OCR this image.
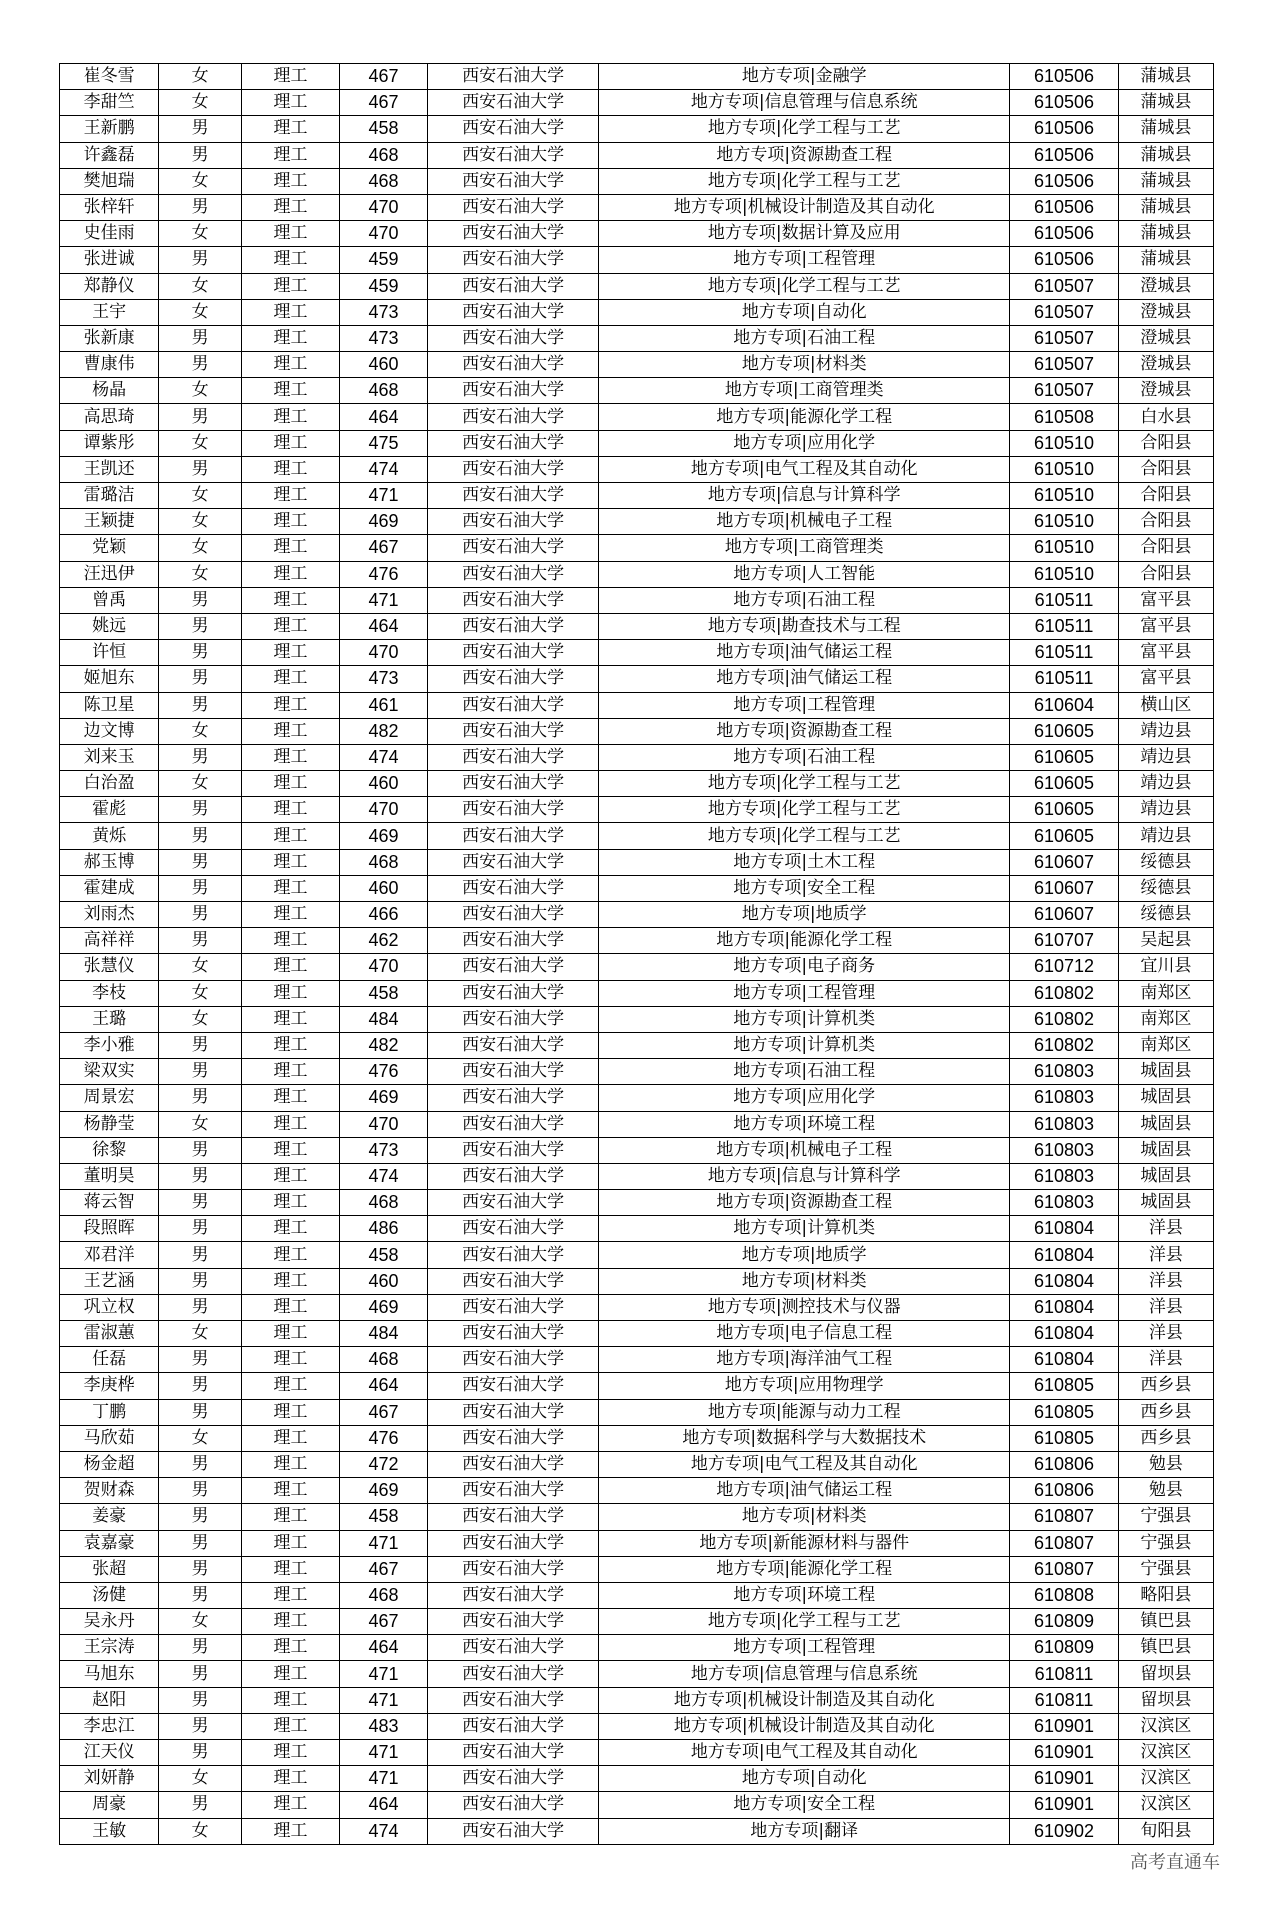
崔冬雪	女	理工	467	西安石油大学	地方专项|金融学	610506	蒲城县
李甜竺	女	理工	467	西安石油大学	地方专项|信息管理与信息系统	610506	蒲城县
王新鹏	男	理工	458	西安石油大学	地方专项|化学工程与工艺	610506	蒲城县
许鑫磊	男	理工	468	西安石油大学	地方专项|资源勘查工程	610506	蒲城县
樊旭瑞	女	理工	468	西安石油大学	地方专项|化学工程与工艺	610506	蒲城县
张梓轩	男	理工	470	西安石油大学	地方专项|机械设计制造及其自动化	610506	蒲城县
史佳雨	女	理工	470	西安石油大学	地方专项|数据计算及应用	610506	蒲城县
张进诚	男	理工	459	西安石油大学	地方专项|工程管理	610506	蒲城县
郑静仪	女	理工	459	西安石油大学	地方专项|化学工程与工艺	610507	澄城县
王宇	女	理工	473	西安石油大学	地方专项|自动化	610507	澄城县
张新康	男	理工	473	西安石油大学	地方专项|石油工程	610507	澄城县
曹康伟	男	理工	460	西安石油大学	地方专项|材料类	610507	澄城县
杨晶	女	理工	468	西安石油大学	地方专项|工商管理类	610507	澄城县
高思琦	男	理工	464	西安石油大学	地方专项|能源化学工程	610508	白水县
谭紫彤	女	理工	475	西安石油大学	地方专项|应用化学	610510	合阳县
王凯还	男	理工	474	西安石油大学	地方专项|电气工程及其自动化	610510	合阳县
雷璐洁	女	理工	471	西安石油大学	地方专项|信息与计算科学	610510	合阳县
王颖捷	女	理工	469	西安石油大学	地方专项|机械电子工程	610510	合阳县
党颖	女	理工	467	西安石油大学	地方专项|工商管理类	610510	合阳县
汪迅伊	女	理工	476	西安石油大学	地方专项|人工智能	610510	合阳县
曾禹	男	理工	471	西安石油大学	地方专项|石油工程	610511	富平县
姚远	男	理工	464	西安石油大学	地方专项|勘查技术与工程	610511	富平县
许恒	男	理工	470	西安石油大学	地方专项|油气储运工程	610511	富平县
姬旭东	男	理工	473	西安石油大学	地方专项|油气储运工程	610511	富平县
陈卫星	男	理工	461	西安石油大学	地方专项|工程管理	610604	横山区
边文博	女	理工	482	西安石油大学	地方专项|资源勘查工程	610605	靖边县
刘来玉	男	理工	474	西安石油大学	地方专项|石油工程	610605	靖边县
白治盈	女	理工	460	西安石油大学	地方专项|化学工程与工艺	610605	靖边县
霍彪	男	理工	470	西安石油大学	地方专项|化学工程与工艺	610605	靖边县
黄烁	男	理工	469	西安石油大学	地方专项|化学工程与工艺	610605	靖边县
郝玉博	男	理工	468	西安石油大学	地方专项|土木工程	610607	绥德县
霍建成	男	理工	460	西安石油大学	地方专项|安全工程	610607	绥德县
刘雨杰	男	理工	466	西安石油大学	地方专项|地质学	610607	绥德县
高祥祥	男	理工	462	西安石油大学	地方专项|能源化学工程	610707	吴起县
张慧仪	女	理工	470	西安石油大学	地方专项|电子商务	610712	宜川县
李枝	女	理工	458	西安石油大学	地方专项|工程管理	610802	南郑区
王璐	女	理工	484	西安石油大学	地方专项|计算机类	610802	南郑区
李小雅	男	理工	482	西安石油大学	地方专项|计算机类	610802	南郑区
梁双实	男	理工	476	西安石油大学	地方专项|石油工程	610803	城固县
周景宏	男	理工	469	西安石油大学	地方专项|应用化学	610803	城固县
杨静莹	女	理工	470	西安石油大学	地方专项|环境工程	610803	城固县
徐黎	男	理工	473	西安石油大学	地方专项|机械电子工程	610803	城固县
董明昊	男	理工	474	西安石油大学	地方专项|信息与计算科学	610803	城固县
蒋云智	男	理工	468	西安石油大学	地方专项|资源勘查工程	610803	城固县
段照晖	男	理工	486	西安石油大学	地方专项|计算机类	610804	洋县
邓君洋	男	理工	458	西安石油大学	地方专项|地质学	610804	洋县
王艺涵	男	理工	460	西安石油大学	地方专项|材料类	610804	洋县
巩立权	男	理工	469	西安石油大学	地方专项|测控技术与仪器	610804	洋县
雷淑蕙	女	理工	484	西安石油大学	地方专项|电子信息工程	610804	洋县
任磊	男	理工	468	西安石油大学	地方专项|海洋油气工程	610804	洋县
李庚桦	男	理工	464	西安石油大学	地方专项|应用物理学	610805	西乡县
丁鹏	男	理工	467	西安石油大学	地方专项|能源与动力工程	610805	西乡县
马欣茹	女	理工	476	西安石油大学	地方专项|数据科学与大数据技术	610805	西乡县
杨金超	男	理工	472	西安石油大学	地方专项|电气工程及其自动化	610806	勉县
贺财森	男	理工	469	西安石油大学	地方专项|油气储运工程	610806	勉县
姜豪	男	理工	458	西安石油大学	地方专项|材料类	610807	宁强县
袁嘉豪	男	理工	471	西安石油大学	地方专项|新能源材料与器件	610807	宁强县
张超	男	理工	467	西安石油大学	地方专项|能源化学工程	610807	宁强县
汤健	男	理工	468	西安石油大学	地方专项|环境工程	610808	略阳县
吴永丹	女	理工	467	西安石油大学	地方专项|化学工程与工艺	610809	镇巴县
王宗涛	男	理工	464	西安石油大学	地方专项|工程管理	610809	镇巴县
马旭东	男	理工	471	西安石油大学	地方专项|信息管理与信息系统	610811	留坝县
赵阳	男	理工	471	西安石油大学	地方专项|机械设计制造及其自动化	610811	留坝县
李忠江	男	理工	483	西安石油大学	地方专项|机械设计制造及其自动化	610901	汉滨区
江天仪	男	理工	471	西安石油大学	地方专项|电气工程及其自动化	610901	汉滨区
刘妍静	女	理工	471	西安石油大学	地方专项|自动化	610901	汉滨区
周豪	男	理工	464	西安石油大学	地方专项|安全工程	610901	汉滨区
王敏	女	理工	474	西安石油大学	地方专项|翻译	610902	旬阳县
高考直通车
